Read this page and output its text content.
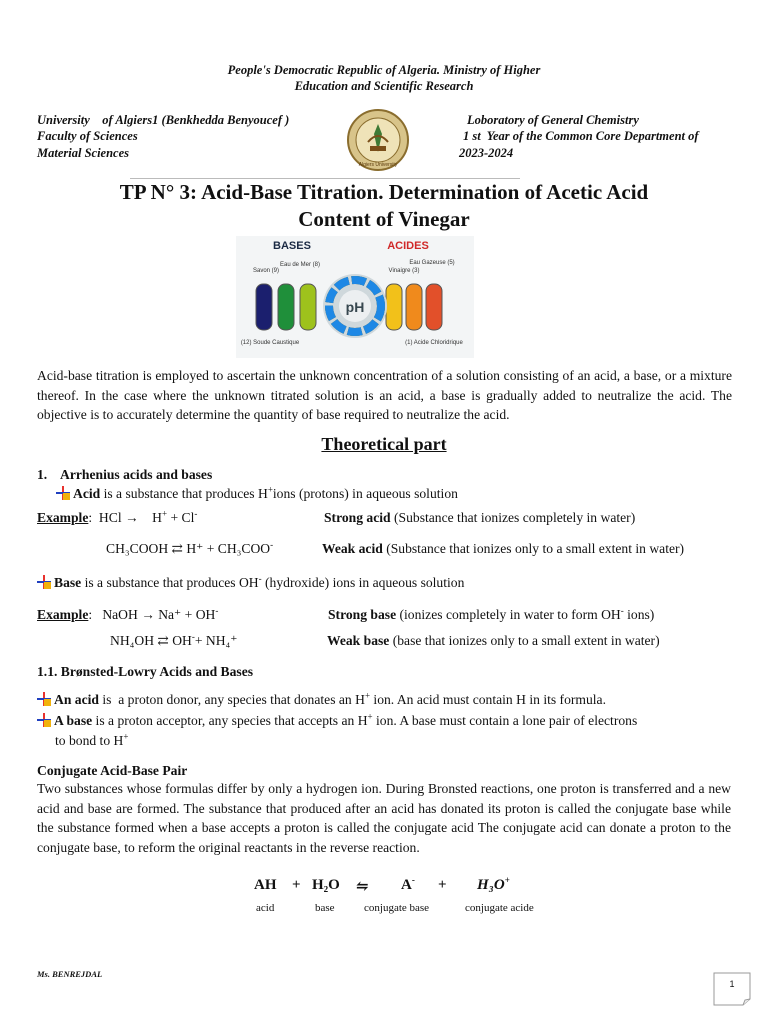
People's Democratic Republic of Algeria. Ministry of Higher
Education and Scientific Research
University    of Algiers1 (Benkhedda Benyoucef )
Faculty of Sciences
Material Sciences
Loboratory of General Chemistry
1 st  Year of the Common Core Department of
2023-2024
Algiers University
TP N° 3: Acid-Base Titration. Determination of Acetic Acid
Content of Vinegar
BASES	ACIDES
pH
Savon (9)
Eau de Mer (8)
(12) Soude Caustique
Vinaigre (3)
Eau Gazeuse (5)
(1) Acide Chloridrique
Acid-base titration is employed to ascertain the unknown concentration of a solution consisting of an acid, a base, or a mixture thereof. In the case where the unknown titrated solution is an acid, a base is gradually added to neutralize the acid. The objective is to accurately determine the quantity of base required to neutralize the acid.
Theoretical part
1.    Arrhenius acids and bases
Acid is a substance that produces H+ions (protons) in aqueous solution
Example:  HCl →    H+ + Cl-	Strong acid (Substance that ionizes completely in water)
CH₃COOH ⇄ H⁺ + CH₃COO-	Weak acid (Substance that ionizes only to a small extent in water)
Base is a substance that produces OH- (hydroxide) ions in aqueous solution
Example:   NaOH → Na⁺ + OH-	Strong base (ionizes completely in water to form OH- ions)
NH₄OH ⇄ OH-+ NH₄⁺	Weak base (base that ionizes only to a small extent in water)
1.1. Brønsted-Lowry Acids and Bases
An acid is  a proton donor, any species that donates an H+ ion. An acid must contain H in its formula.
A base is a proton acceptor, any species that accepts an H+ ion. A base must contain a lone pair of electrons
to bond to H+
Conjugate Acid-Base Pair
Two substances whose formulas differ by only a hydrogen ion. During Bronsted reactions, one proton is transferred and a new acid and base are formed. The substance that produced after an acid has donated its proton is called the conjugate base while the substance formed when a base accepts a proton is called the conjugate acid The conjugate acid can donate a proton to the conjugate base, to reform the original reactants in the reverse reaction.
AH + H₂O ⇋ A- + H₃O+
acid	base	conjugate base	conjugate acide
Ms. BENREJDAL
1
